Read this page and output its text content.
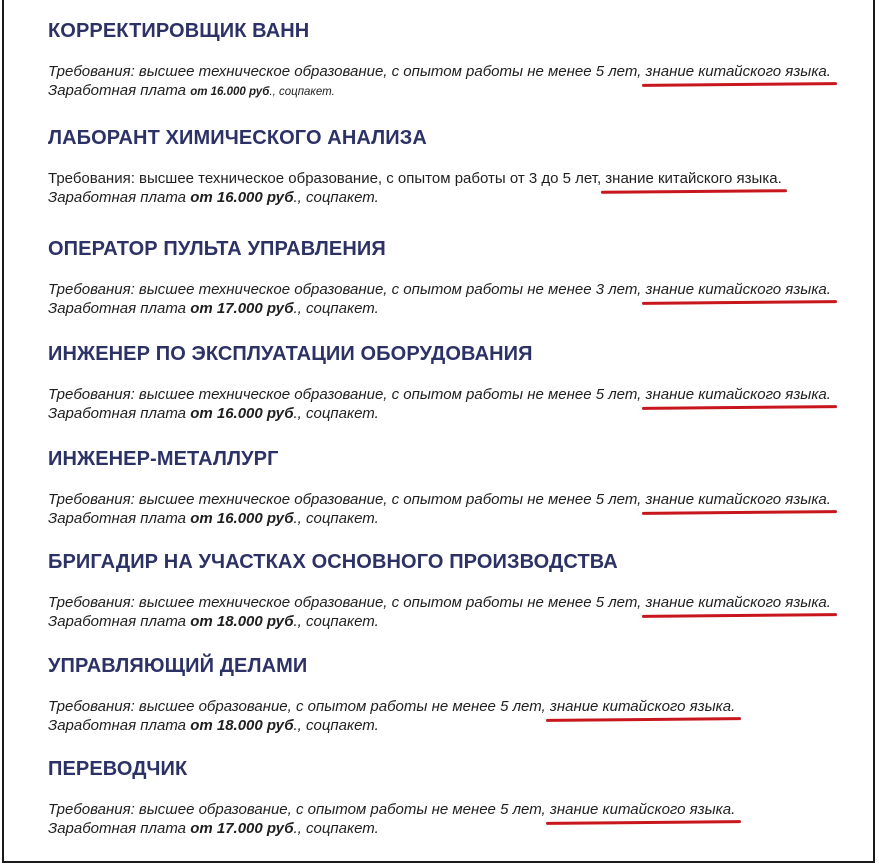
КОРРЕКТИРОВЩИК ВАНН

Требования: высшее техническое образование, с опытом работы не менее 5 лет, знание китайского языка.

Заработная плата от 16.000 руб., соцпакет.

ЛАБОРАНТ ХИМИЧЕСКОГО АНАЛИЗА

Требования: высшее техническое образование, с опытом работы от 3 до 5 лет, знание китайского языка.

Заработная плата от 16.000 руб., соцпакет.

ОПЕРАТОР ПУЛЬТА УПРАВЛЕНИЯ

Требования: высшее техническое образование, с опытом работы не менее 3 лет, знание китайского языка.

Заработная плата от 17.000 руб., соцпакет.

ИНЖЕНЕР ПО ЭКСПЛУАТАЦИИ ОБОРУДОВАНИЯ

Требования: высшее техническое образование, с опытом работы не менее 5 лет, знание китайского языка.

Заработная плата от 16.000 руб., соцпакет.

ИНЖЕНЕР-МЕТАЛЛУРГ

Требования: высшее техническое образование, с опытом работы не менее 5 лет, знание китайского языка.

Заработная плата от 16.000 руб., соцпакет.

БРИГАДИР НА УЧАСТКАХ ОСНОВНОГО ПРОИЗВОДСТВА

Требования: высшее техническое образование, с опытом работы не менее 5 лет, знание китайского языка.

Заработная плата от 18.000 руб., соцпакет.

УПРАВЛЯЮЩИЙ ДЕЛАМИ

Требования: высшее образование, с опытом работы не менее 5 лет, знание китайского языка.

Заработная плата от 18.000 руб., соцпакет.

ПЕРЕВОДЧИК

Требования: высшее образование, с опытом работы не менее 5 лет, знание китайского языка.

Заработная плата от 17.000 руб., соцпакет.
